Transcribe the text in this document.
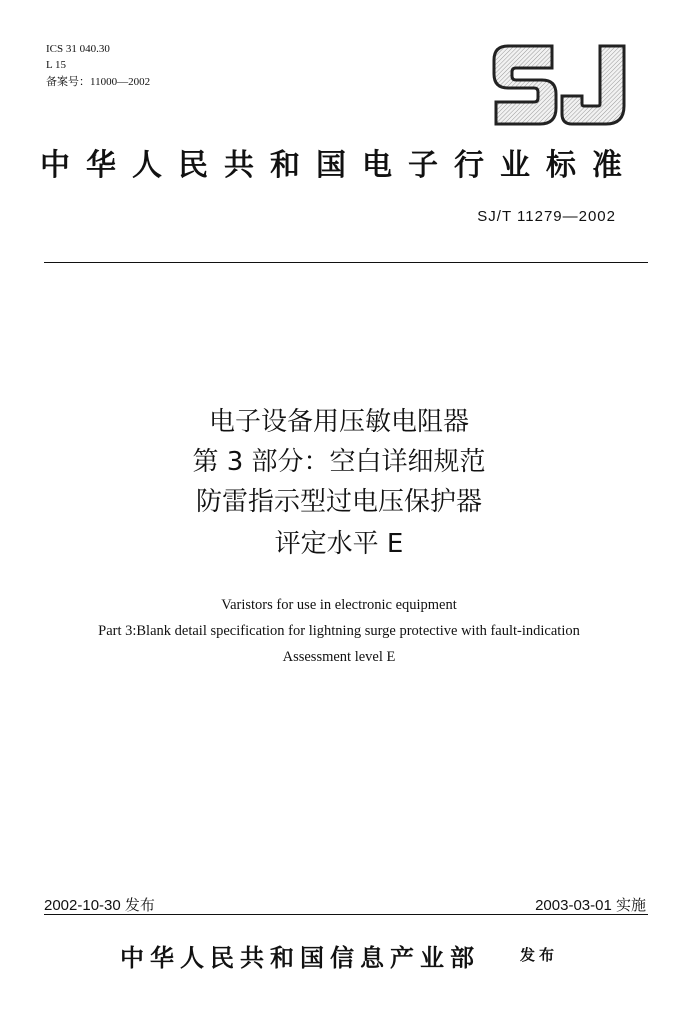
ICS 31 040.30
L 15
备案号：11000—2002
中华人民共和国电子行业标准
SJ/T 11279—2002
电子设备用压敏电阻器
第 3 部分：空白详细规范
防雷指示型过电压保护器
评定水平 E
Varistors for use in electronic equipment
Part 3:Blank detail specification for lightning surge protective with fault-indication
Assessment level E
2002-10-30 发布	2003-03-01 实施
中华人民共和国信息产业部	发布
